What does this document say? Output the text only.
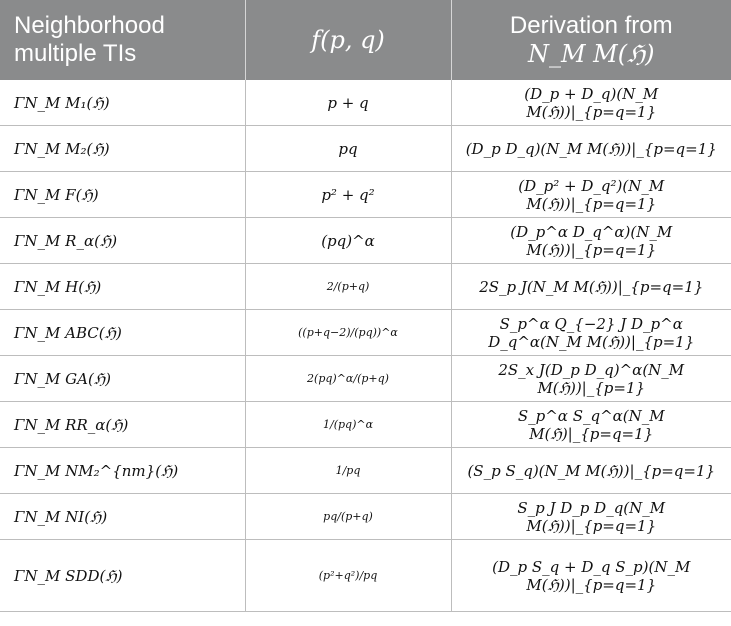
Neighborhood multiple TIs	f(p, q)	Derivation from
N_M M(ℌ)

ΓN_M M₁(ℌ)	p + q	(D_p + D_q)(N_M M(ℌ))|_{p=q=1}
ΓN_M M₂(ℌ)	pq	(D_p D_q)(N_M M(ℌ))|_{p=q=1}
ΓN_M F(ℌ)	p² + q²	(D_p² + D_q²)(N_M M(ℌ))|_{p=q=1}
ΓN_M R_α(ℌ)	(pq)^α	(D_p^α D_q^α)(N_M M(ℌ))|_{p=q=1}
ΓN_M H(ℌ)	2/(p+q)	2S_p J(N_M M(ℌ))|_{p=q=1}
ΓN_M ABC(ℌ)	((p+q−2)/(pq))^α	S_p^α Q_{−2} J D_p^α D_q^α(N_M M(ℌ))|_{p=1}
ΓN_M GA(ℌ)	2(pq)^α/(p+q)	2S_x J(D_p D_q)^α(N_M M(ℌ))|_{p=1}
ΓN_M RR_α(ℌ)	1/(pq)^α	S_p^α S_q^α(N_M M(ℌ)|_{p=q=1}
ΓN_M NM₂^{nm}(ℌ)	1/pq	(S_p S_q)(N_M M(ℌ))|_{p=q=1}
ΓN_M NI(ℌ)	pq/(p+q)	S_p J D_p D_q(N_M M(ℌ))|_{p=q=1}
ΓN_M SDD(ℌ)	(p²+q²)/pq	(D_p S_q + D_q S_p)(N_M M(ℌ))|_{p=q=1}
